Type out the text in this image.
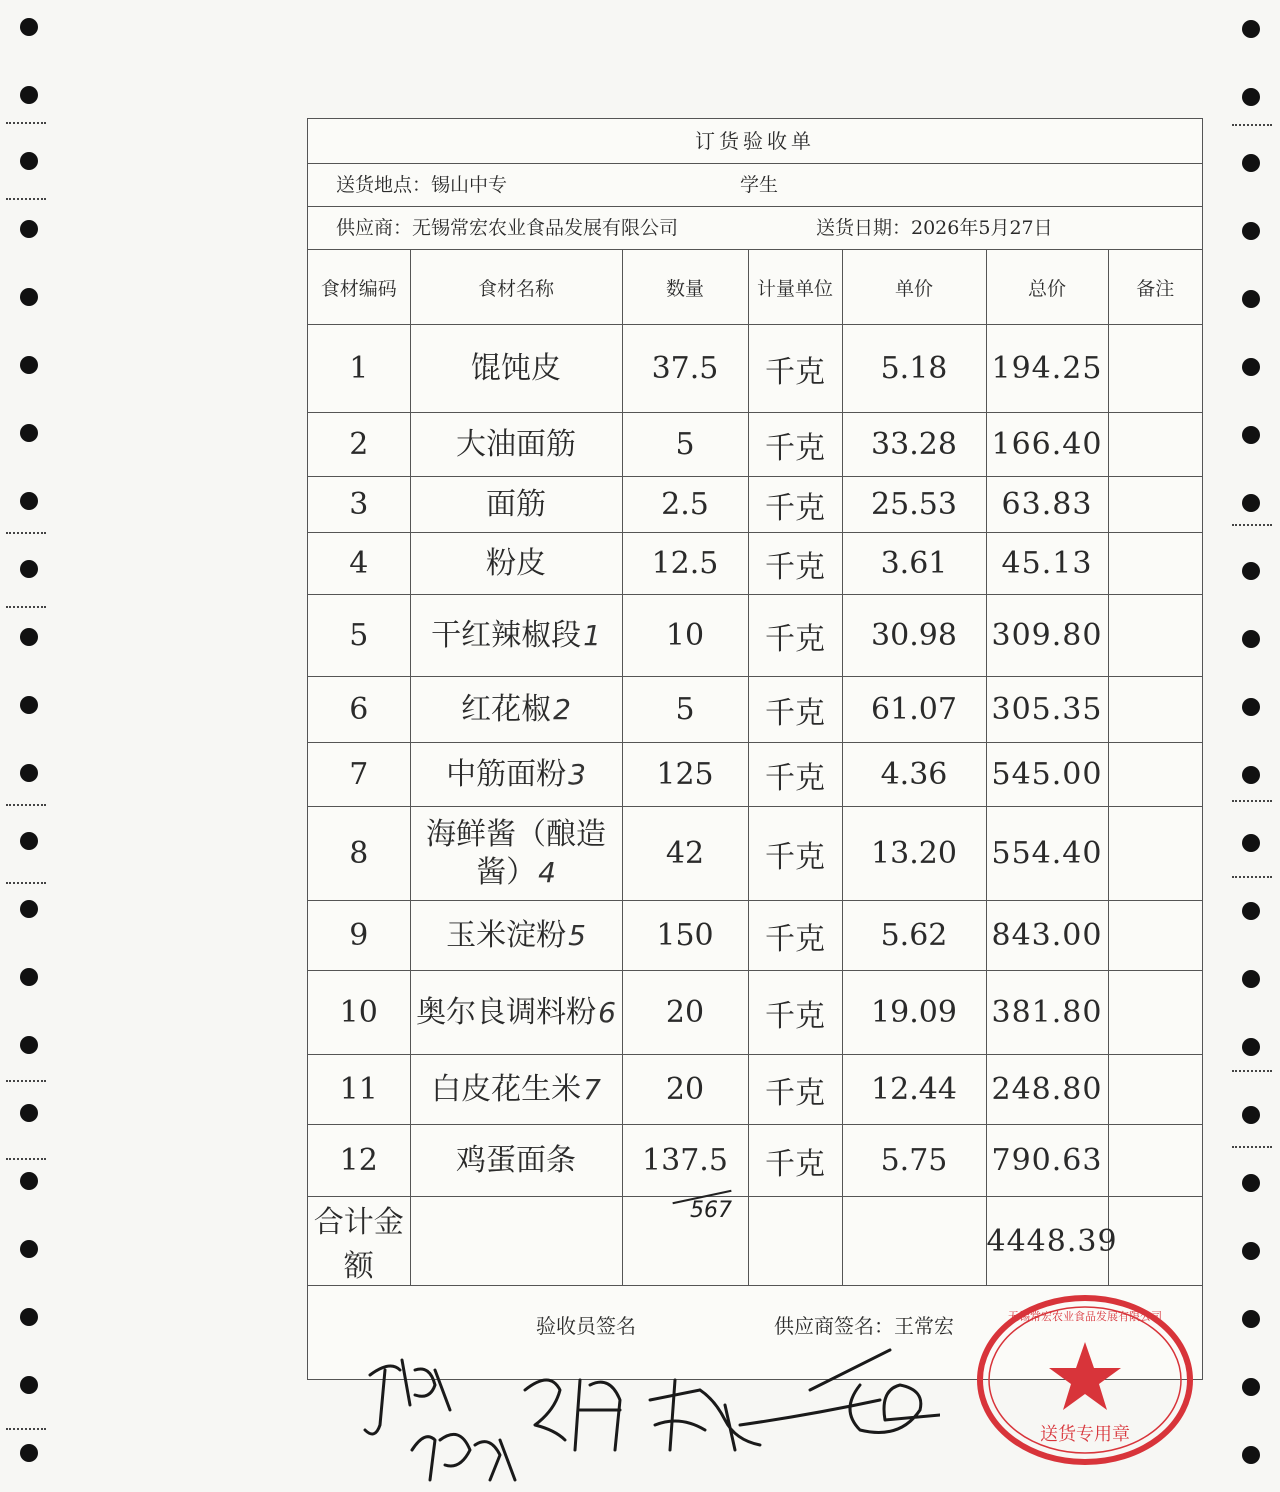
订货验收单
送货地点：锡山中专	学生
供应商：无锡常宏农业食品发展有限公司	送货日期：2026年5月27日
食材编码	食材名称	数量	计量单位	单价	总价	备注
1	馄饨皮	37.5	千克	5.18	194.25	
2	大油面筋	5	千克	33.28	166.40	
3	面筋	2.5	千克	25.53	63.83	
4	粉皮	12.5	千克	3.61	45.13	
5	干红辣椒段1	10	千克	30.98	309.80	
6	红花椒2	5	千克	61.07	305.35	
7	中筋面粉3	125	千克	4.36	545.00	
8	海鲜酱（酿造酱）4	42	千克	13.20	554.40	
9	玉米淀粉5	150	千克	5.62	843.00	
10	奥尔良调料粉6	20	千克	19.09	381.80	
11	白皮花生米7	20	千克	12.44	248.80	
12	鸡蛋面条	137.5	千克	5.75	790.63	
合计金额					4448.39	
验收员签名	供应商签名：王常宏
567
送货专用章
无锡常宏农业食品发展有限公司
